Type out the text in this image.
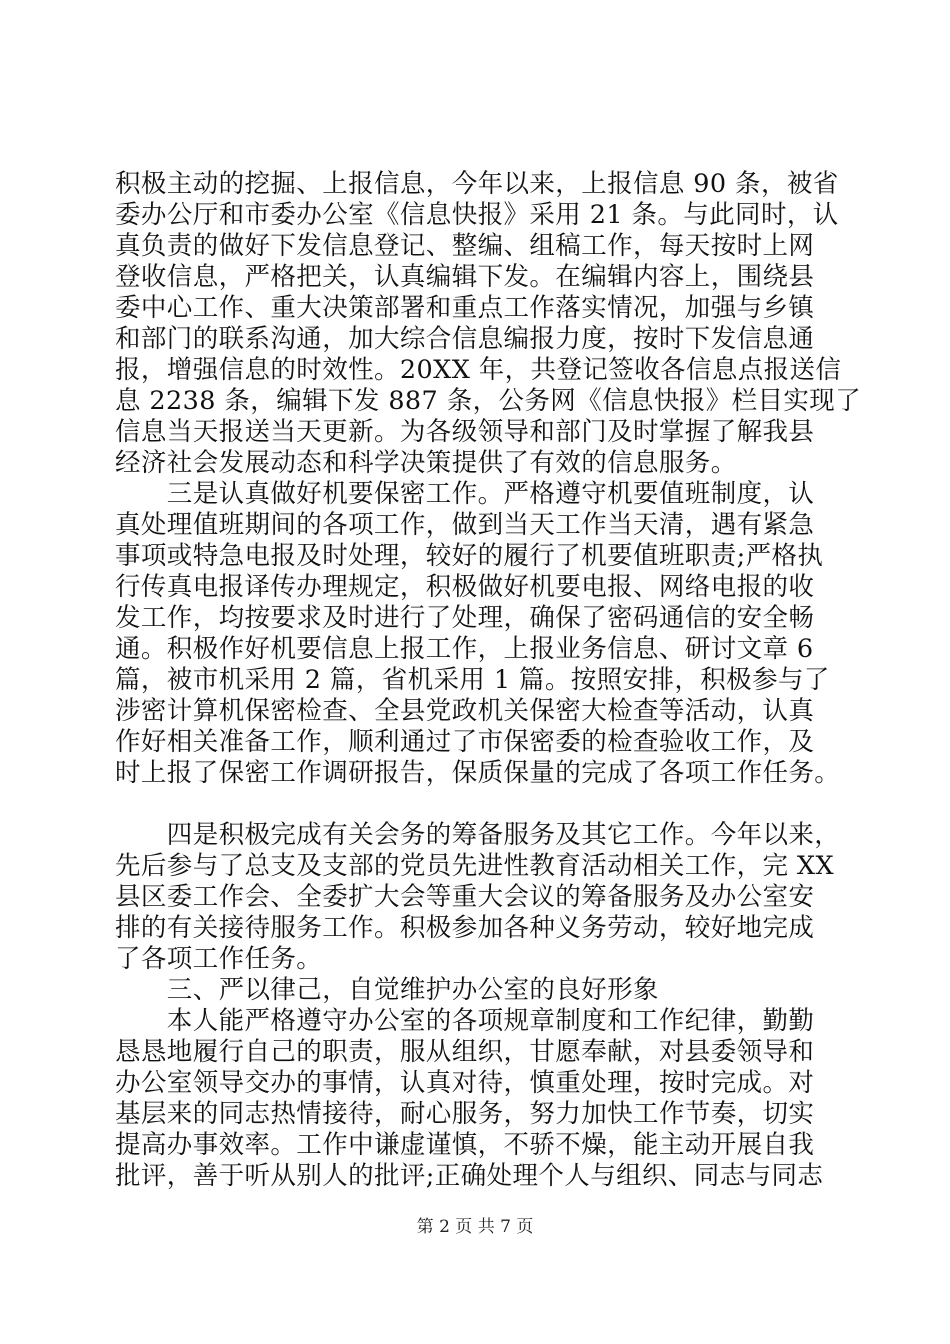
积极主动的挖掘、上报信息，今年以来，上报信息 90 条，被省
委办公厅和市委办公室《信息快报》采用 21 条。与此同时，认
真负责的做好下发信息登记、整编、组稿工作，每天按时上网
登收信息，严格把关，认真编辑下发。在编辑内容上，围绕县
委中心工作、重大决策部署和重点工作落实情况，加强与乡镇
和部门的联系沟通，加大综合信息编报力度，按时下发信息通
报，增强信息的时效性。20XX 年，共登记签收各信息点报送信
息 2238 条，编辑下发 887 条，公务网《信息快报》栏目实现了
信息当天报送当天更新。为各级领导和部门及时掌握了解我县
经济社会发展动态和科学决策提供了有效的信息服务。
　　三是认真做好机要保密工作。严格遵守机要值班制度，认
真处理值班期间的各项工作，做到当天工作当天清，遇有紧急
事项或特急电报及时处理，较好的履行了机要值班职责;严格执
行传真电报译传办理规定，积极做好机要电报、网络电报的收
发工作，均按要求及时进行了处理，确保了密码通信的安全畅
通。积极作好机要信息上报工作，上报业务信息、研讨文章 6
篇，被市机采用 2 篇，省机采用 1 篇。按照安排，积极参与了
涉密计算机保密检查、全县党政机关保密大检查等活动，认真
作好相关准备工作，顺利通过了市保密委的检查验收工作，及
时上报了保密工作调研报告，保质保量的完成了各项工作任务。
　　四是积极完成有关会务的筹备服务及其它工作。今年以来，
先后参与了总支及支部的党员先进性教育活动相关工作，完 XX
县区委工作会、全委扩大会等重大会议的筹备服务及办公室安
排的有关接待服务工作。积极参加各种义务劳动，较好地完成
了各项工作任务。
　　三、严以律己，自觉维护办公室的良好形象
　　本人能严格遵守办公室的各项规章制度和工作纪律，勤勤
恳恳地履行自己的职责，服从组织，甘愿奉献，对县委领导和
办公室领导交办的事情，认真对待，慎重处理，按时完成。对
基层来的同志热情接待，耐心服务，努力加快工作节奏，切实
提高办事效率。工作中谦虚谨慎，不骄不燥，能主动开展自我
批评，善于听从别人的批评;正确处理个人与组织、同志与同志
第 2 页 共 7 页
